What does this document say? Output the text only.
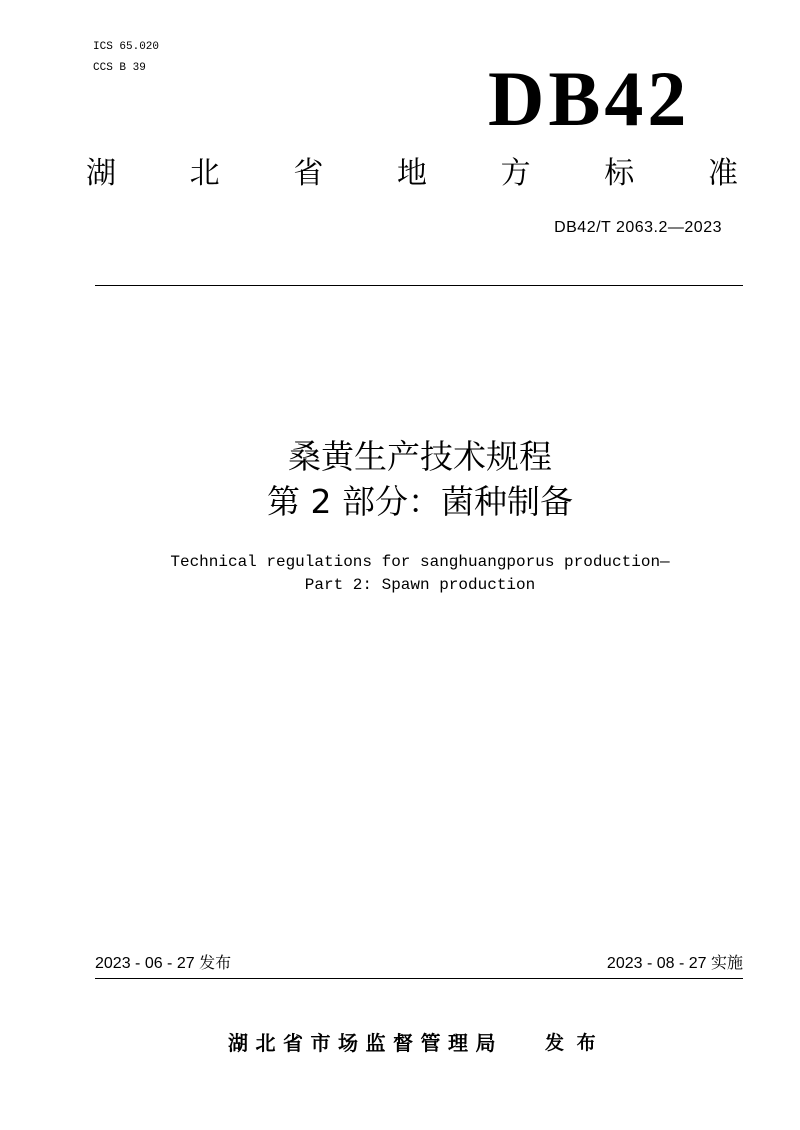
ICS 65.020
CCS B 39	DB42
湖 北 省 地 方 标 准
DB42/T 2063.2—2023
桑黄生产技术规程
第 2 部分：菌种制备
Technical regulations for sanghuangporus production—
Part 2: Spawn production
2023 - 06 - 27 发布	2023 - 08 - 27 实施
湖北省市场监督管理局 发 布
